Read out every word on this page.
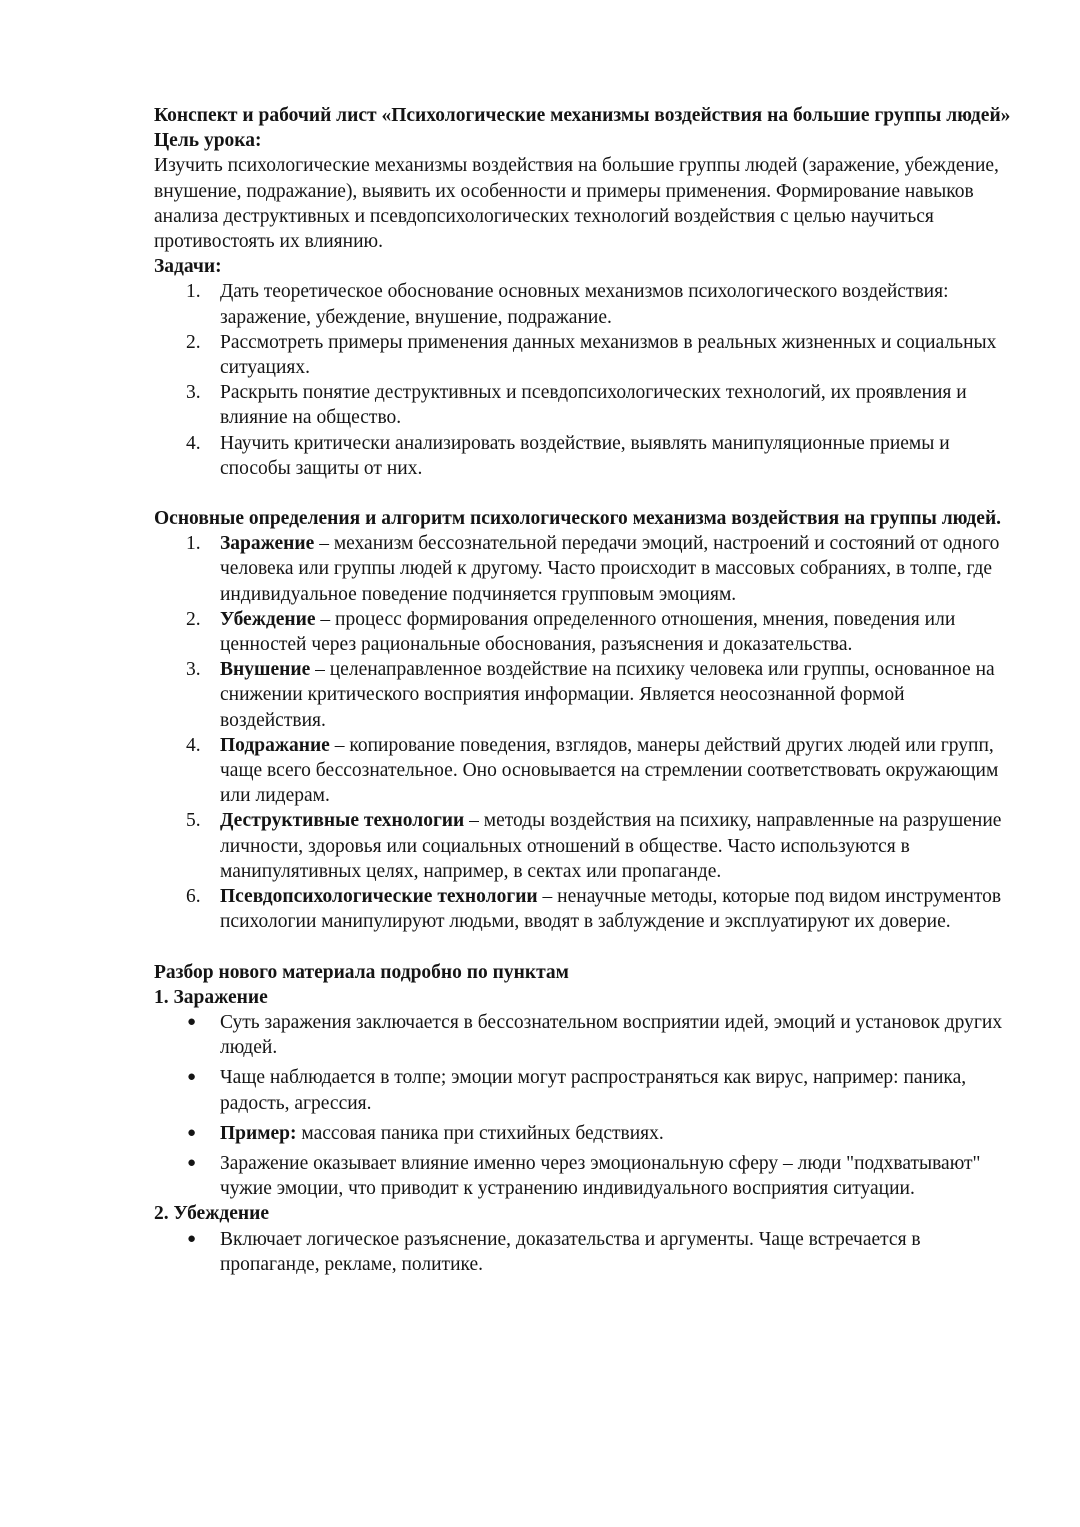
Конспект и рабочий лист «Психологические механизмы воздействия на большие группы людей»

Цель урока:

Изучить психологические механизмы воздействия на большие группы людей (заражение, убеждение, внушение, подражание), выявить их особенности и примеры применения. Формирование навыков анализа деструктивных и псевдопсихологических технологий воздействия с целью научиться противостоять их влиянию.

Задачи:

1. Дать теоретическое обоснование основных механизмов психологического воздействия: заражение, убеждение, внушение, подражание.
2. Рассмотреть примеры применения данных механизмов в реальных жизненных и социальных ситуациях.
3. Раскрыть понятие деструктивных и псевдопсихологических технологий, их проявления и влияние на общество.
4. Научить критически анализировать воздействие, выявлять манипуляционные приемы и способы защиты от них.

Основные определения и алгоритм психологического механизма воздействия на группы людей.

1. Заражение – механизм бессознательной передачи эмоций, настроений и состояний от одного человека или группы людей к другому. Часто происходит в массовых собраниях, в толпе, где индивидуальное поведение подчиняется групповым эмоциям.
2. Убеждение – процесс формирования определенного отношения, мнения, поведения или ценностей через рациональные обоснования, разъяснения и доказательства.
3. Внушение – целенаправленное воздействие на психику человека или группы, основанное на снижении критического восприятия информации. Является неосознанной формой воздействия.
4. Подражание – копирование поведения, взглядов, манеры действий других людей или групп, чаще всего бессознательное. Оно основывается на стремлении соответствовать окружающим или лидерам.
5. Деструктивные технологии – методы воздействия на психику, направленные на разрушение личности, здоровья или социальных отношений в обществе. Часто используются в манипулятивных целях, например, в сектах или пропаганде.
6. Псевдопсихологические технологии – ненаучные методы, которые под видом инструментов психологии манипулируют людьми, вводят в заблуждение и эксплуатируют их доверие.

Разбор нового материала подробно по пунктам

1. Заражение

● Суть заражения заключается в бессознательном восприятии идей, эмоций и установок других людей.
● Чаще наблюдается в толпе; эмоции могут распространяться как вирус, например: паника, радость, агрессия.
● Пример: массовая паника при стихийных бедствиях.
● Заражение оказывает влияние именно через эмоциональную сферу – люди "подхватывают" чужие эмоции, что приводит к устранению индивидуального восприятия ситуации.

2. Убеждение

● Включает логическое разъяснение, доказательства и аргументы. Чаще встречается в пропаганде, рекламе, политике.
